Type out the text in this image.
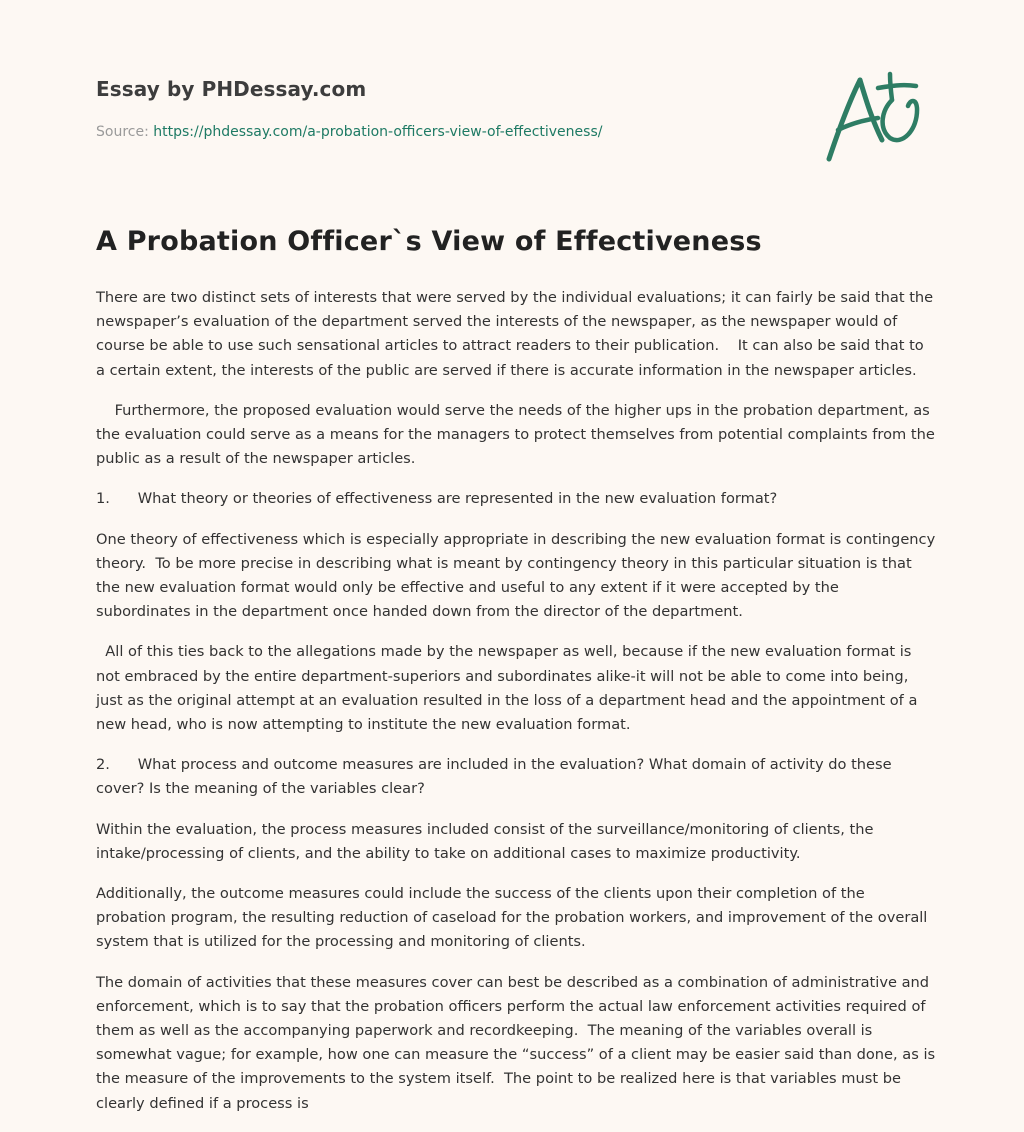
Essay by PHDessay.com
Source: https://phdessay.com/a-probation-officers-view-of-effectiveness/
A Probation Officer`s View of Effectiveness

There are two distinct sets of interests that were served by the individual evaluations; it can fairly be said that the newspaper’s evaluation of the department served the interests of the newspaper, as the newspaper would of course be able to use such sensational articles to attract readers to their publication.    It can also be said that to a certain extent, the interests of the public are served if there is accurate information in the newspaper articles.

Furthermore, the proposed evaluation would serve the needs of the higher ups in the probation department, as the evaluation could serve as a means for the managers to protect themselves from potential complaints from the public as a result of the newspaper articles.

1.      What theory or theories of effectiveness are represented in the new evaluation format?

One theory of effectiveness which is especially appropriate in describing the new evaluation format is contingency theory.  To be more precise in describing what is meant by contingency theory in this particular situation is that the new evaluation format would only be effective and useful to any extent if it were accepted by the subordinates in the department once handed down from the director of the department.

All of this ties back to the allegations made by the newspaper as well, because if the new evaluation format is not embraced by the entire department-superiors and subordinates alike-it will not be able to come into being, just as the original attempt at an evaluation resulted in the loss of a department head and the appointment of a new head, who is now attempting to institute the new evaluation format.

2.      What process and outcome measures are included in the evaluation? What domain of activity do these cover? Is the meaning of the variables clear?

Within the evaluation, the process measures included consist of the surveillance/monitoring of clients, the intake/processing of clients, and the ability to take on additional cases to maximize productivity.

Additionally, the outcome measures could include the success of the clients upon their completion of the probation program, the resulting reduction of caseload for the probation workers, and improvement of the overall system that is utilized for the processing and monitoring of clients.

The domain of activities that these measures cover can best be described as a combination of administrative and enforcement, which is to say that the probation officers perform the actual law enforcement activities required of them as well as the accompanying paperwork and recordkeeping.  The meaning of the variables overall is somewhat vague; for example, how one can measure the “success” of a client may be easier said than done, as is the measure of the improvements to the system itself.  The point to be realized here is that variables must be clearly defined if a process is
